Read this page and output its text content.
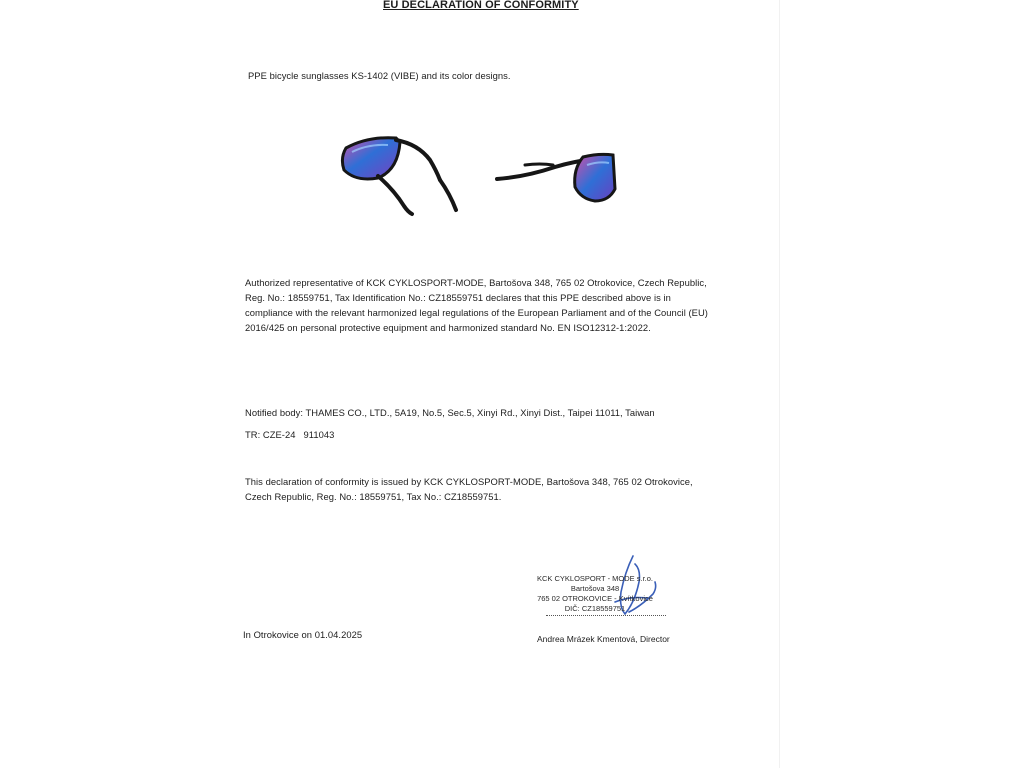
EU DECLARATION OF CONFORMITY

PPE bicycle sunglasses KS-1402 (VIBE) and its color designs.

Authorized representative of KCK CYKLOSPORT-MODE, Bartošova 348, 765 02 Otrokovice, Czech Republic, Reg. No.: 18559751, Tax Identification No.: CZ18559751 declares that this PPE described above is in compliance with the relevant harmonized legal regulations of the European Parliament and of the Council (EU) 2016/425 on personal protective equipment and harmonized standard No. EN ISO12312-1:2022.

Notified body: THAMES CO., LTD., 5A19, No.5, Sec.5, Xinyi Rd., Xinyi Dist., Taipei 11011, Taiwan

TR: CZE-24 911043

This declaration of conformity is issued by KCK CYKLOSPORT-MODE, Bartošova 348, 765 02 Otrokovice, Czech Republic, Reg. No.: 18559751, Tax No.: CZ18559751.

KCK CYKLOSPORT - MODE s.r.o.
Bartošova 348
765 02 OTROKOVICE - Kvítkovice
DIČ: CZ18559751

In Otrokovice on 01.04.2025	Andrea Mrázek Kmentová, Director
